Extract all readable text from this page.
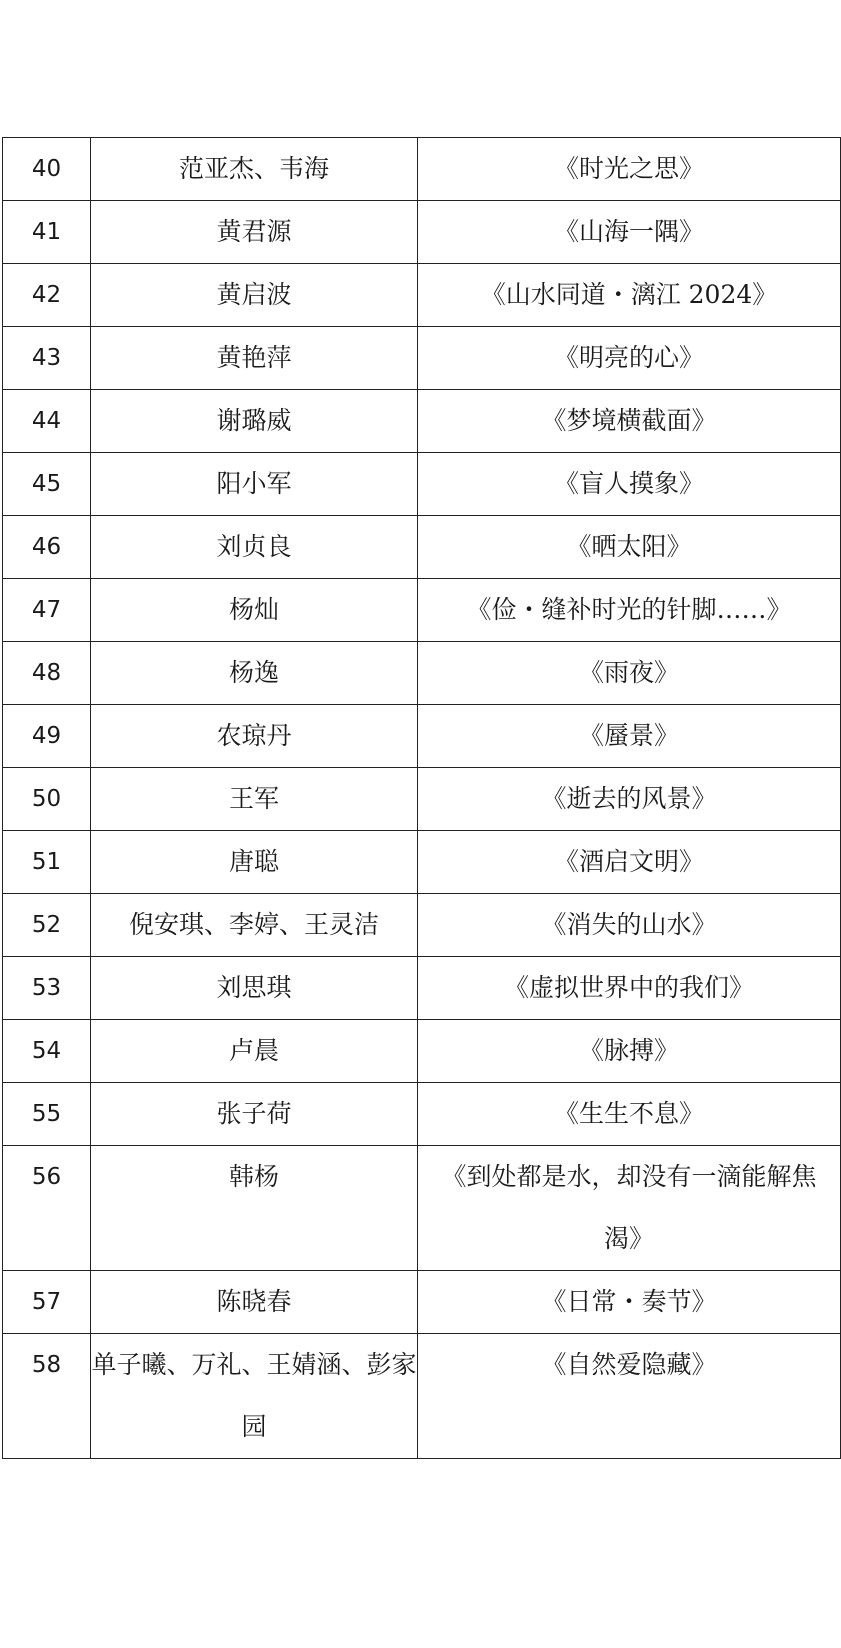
40	范亚杰、韦海	《时光之思》
41	黄君源	《山海一隅》
42	黄启波	《山水同道・漓江 2024》
43	黄艳萍	《明亮的心》
44	谢璐威	《梦境横截面》
45	阳小军	《盲人摸象》
46	刘贞良	《晒太阳》
47	杨灿	《俭・缝补时光的针脚……》
48	杨逸	《雨夜》
49	农琼丹	《蜃景》
50	王军	《逝去的风景》
51	唐聪	《酒启文明》
52	倪安琪、李婷、王灵洁	《消失的山水》
53	刘思琪	《虚拟世界中的我们》
54	卢晨	《脉搏》
55	张子荷	《生生不息》
56	韩杨	《到处都是水，却没有一滴能解焦渴》
57	陈晓春	《日常・奏节》
58	单子曦、万礼、王婧涵、彭家园	《自然爱隐藏》
